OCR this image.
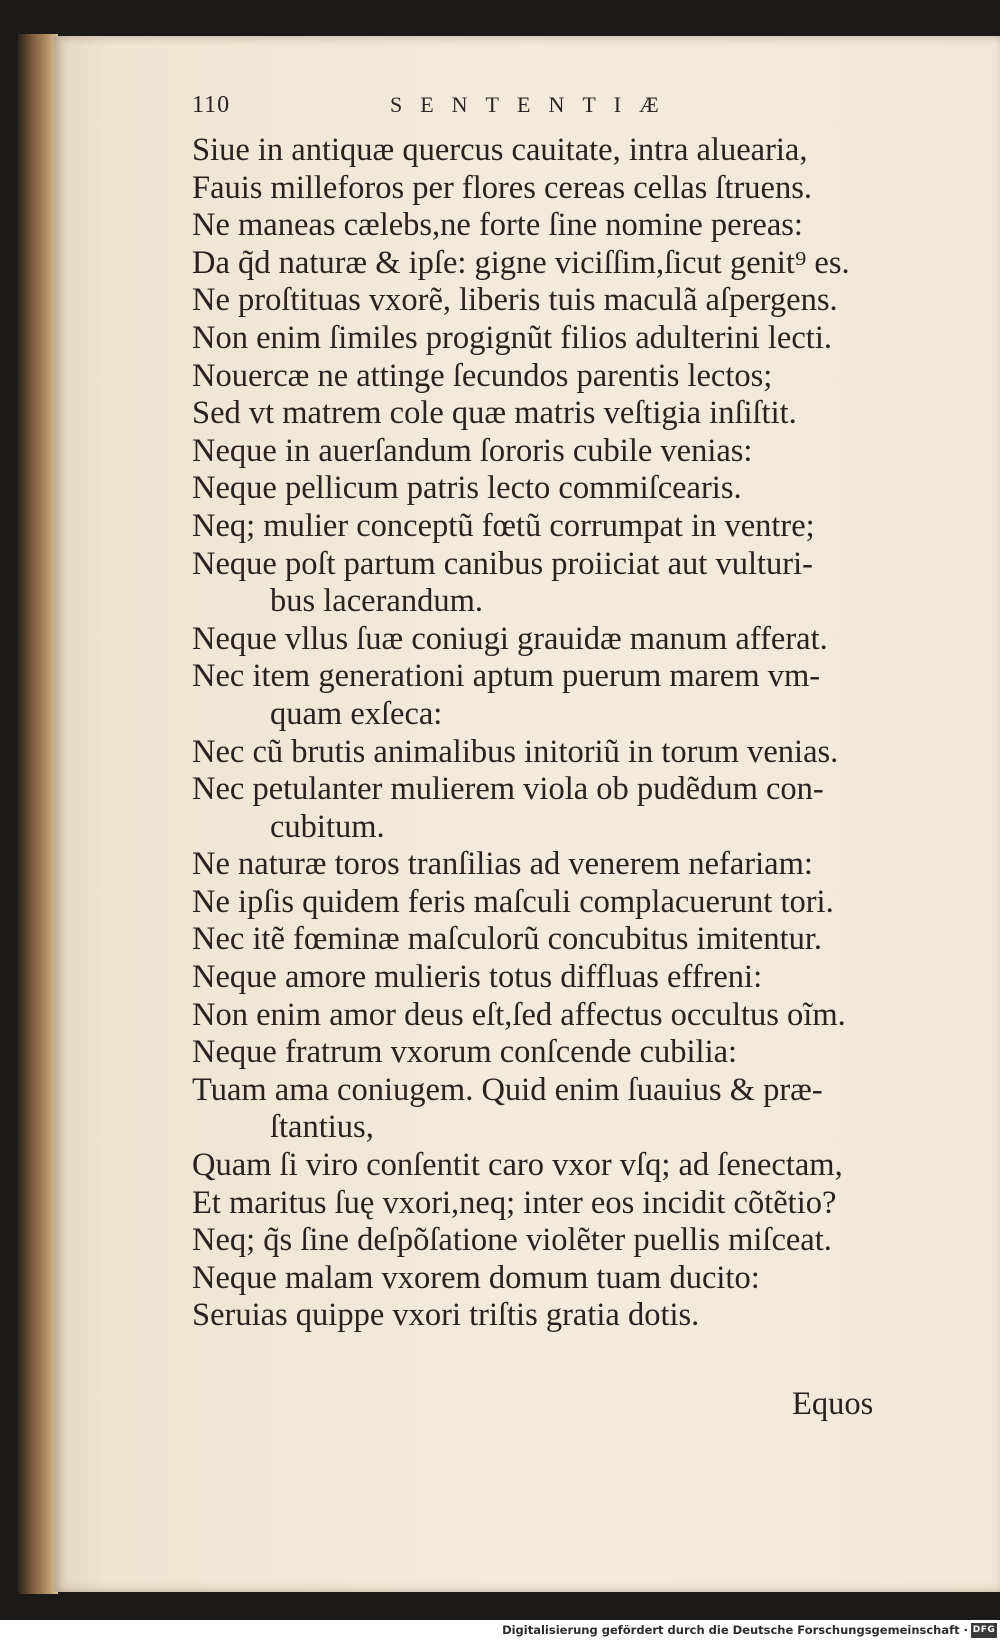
110	SENTENTIÆ
Siue in antiquæ quercus cauitate, intra aluearia,
Fauis milleforos per flores cereas cellas ſtruens.
Ne maneas cælebs,ne forte ſine nomine pereas:
Da q̃d naturæ & ipſe: gigne viciſſim,ſicut genit⁹ es.
Ne proſtituas vxorẽ, liberis tuis maculã aſpergens.
Non enim ſimiles progignũt filios adulterini lecti.
Nouercæ ne attinge ſecundos parentis lectos;
Sed vt matrem cole quæ matris veſtigia inſiſtit.
Neque in auerſandum ſororis cubile venias:
Neque pellicum patris lecto commiſcearis.
Neq; mulier conceptũ fœtũ corrumpat in ventre;
Neque poſt partum canibus proiiciat aut vulturi-
bus lacerandum.
Neque vllus ſuæ coniugi grauidæ manum afferat.
Nec item generationi aptum puerum marem vm-
quam exſeca:
Nec cũ brutis animalibus initoriũ in torum venias.
Nec petulanter mulierem viola ob pudẽdum con-
cubitum.
Ne naturæ toros tranſilias ad venerem nefariam:
Ne ipſis quidem feris maſculi complacuerunt tori.
Nec itẽ fœminæ maſculorũ concubitus imitentur.
Neque amore mulieris totus diffluas effreni:
Non enim amor deus eſt,ſed affectus occultus oĩm.
Neque fratrum vxorum conſcende cubilia:
Tuam ama coniugem. Quid enim ſuauius & præ-
ſtantius,
Quam ſi viro conſentit caro vxor vſq; ad ſenectam,
Et maritus ſuę vxori,neq; inter eos incidit cõtẽtio?
Neq; q̃s ſine deſpõſatione violẽter puellis miſceat.
Neque malam vxorem domum tuam ducito:
Seruias quippe vxori triſtis gratia dotis.
Equos
Digitalisierung gefördert durch die Deutsche Forschungsgemeinschaft · DFG
